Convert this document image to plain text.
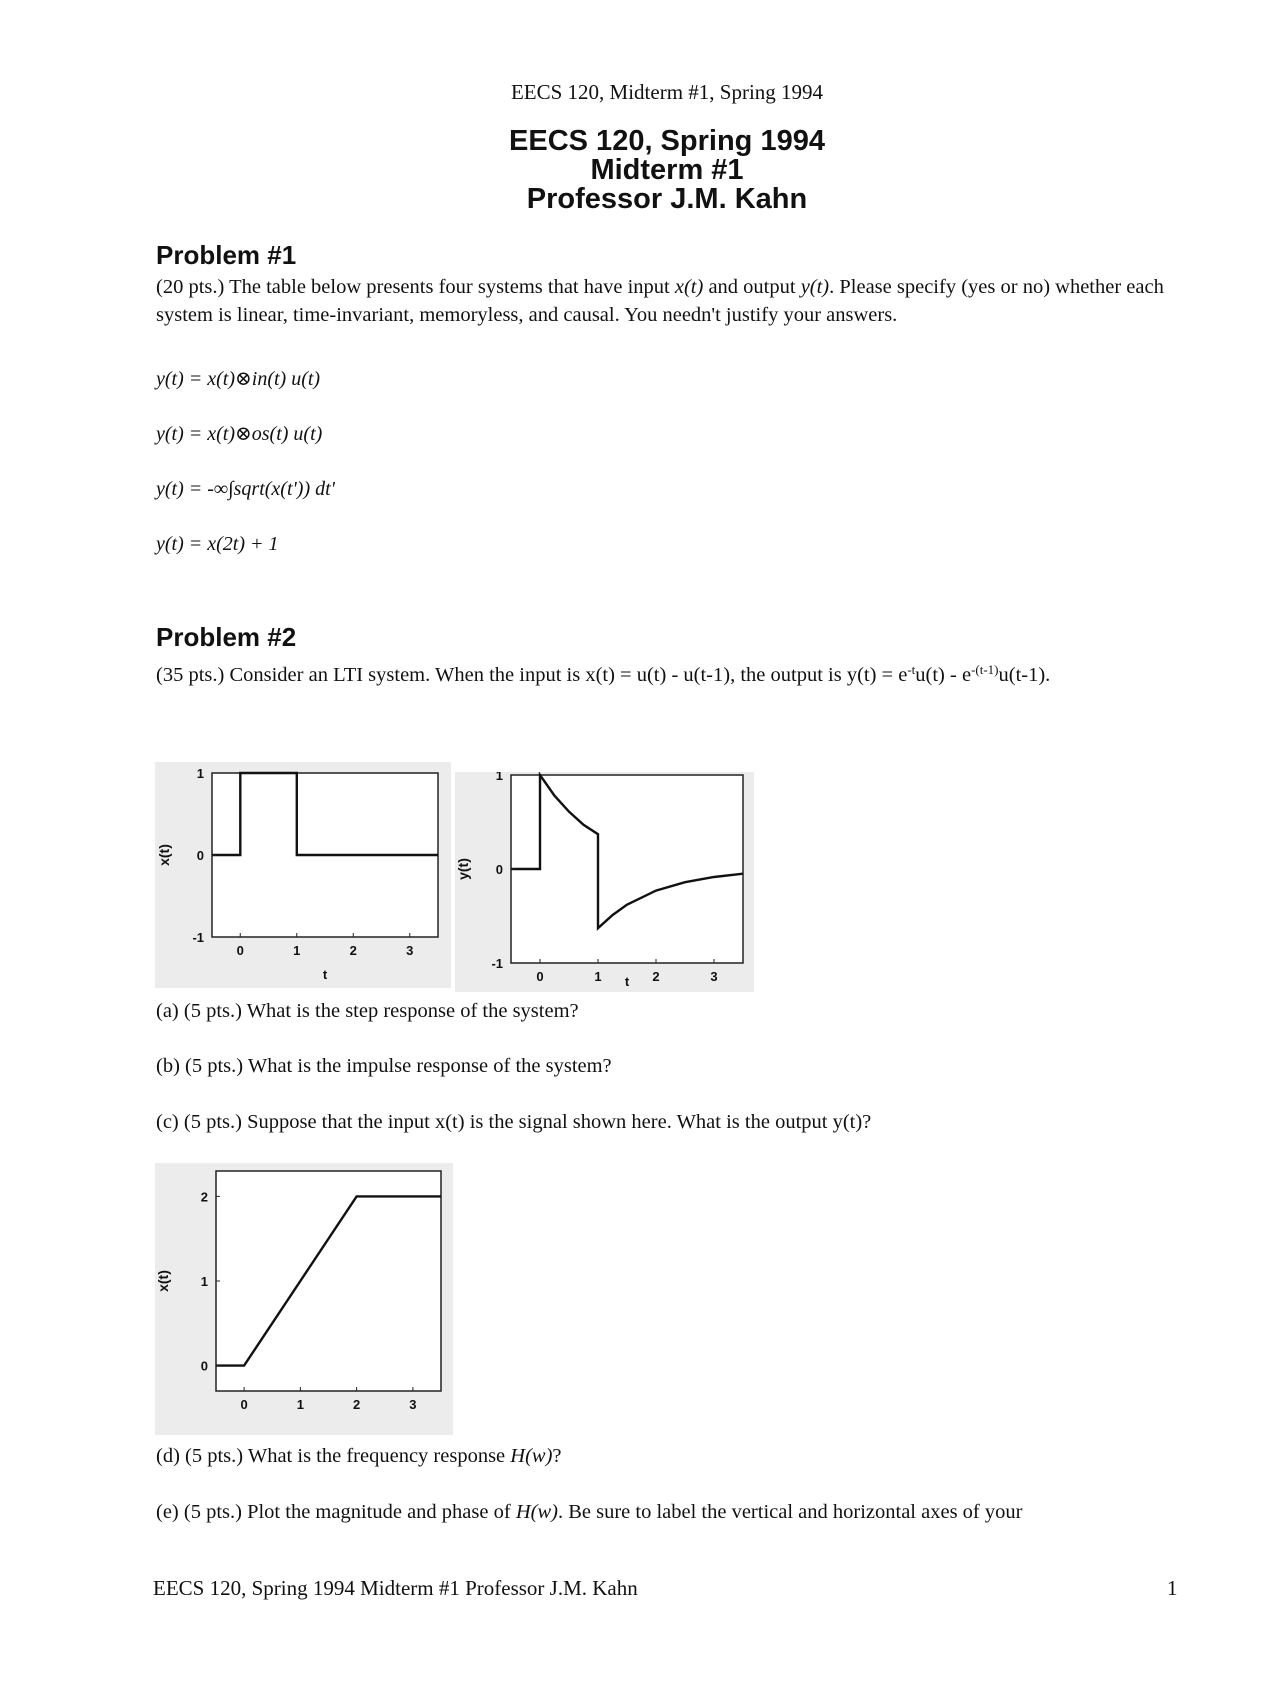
EECS 120, Midterm #1, Spring 1994
EECS 120, Spring 1994
Midterm #1
Professor J.M. Kahn
Problem #1
(20 pts.) The table below presents four systems that have input x(t) and output y(t). Please specify (yes or no) whether each system is linear, time-invariant, memoryless, and causal. You needn't justify your answers.
y(t) = x(t)⊗in(t) u(t)
y(t) = x(t)⊗os(t) u(t)
y(t) = -∞∫sqrt(x(t')) dt'
y(t) = x(2t) + 1
Problem #2
(35 pts.) Consider an LTI system. When the input is x(t) = u(t) - u(t-1), the output is $y(t) = e^{-t}u(t) - e^{-(t-1)}u(t-1)$.
0	1	2	3
1
0
-1
x(t)
t	0	1	2	3
1
0
-1
y(t)
t
(a) (5 pts.) What is the step response of the system?
(b) (5 pts.) What is the impulse response of the system?
(c) (5 pts.) Suppose that the input x(t) is the signal shown here. What is the output y(t)?
0	1	2	3
2
1
0
x(t)
(d) (5 pts.) What is the frequency response H(w)?
(e) (5 pts.) Plot the magnitude and phase of H(w). Be sure to label the vertical and horizontal axes of your
EECS 120, Spring 1994 Midterm #1 Professor J.M. Kahn	1
